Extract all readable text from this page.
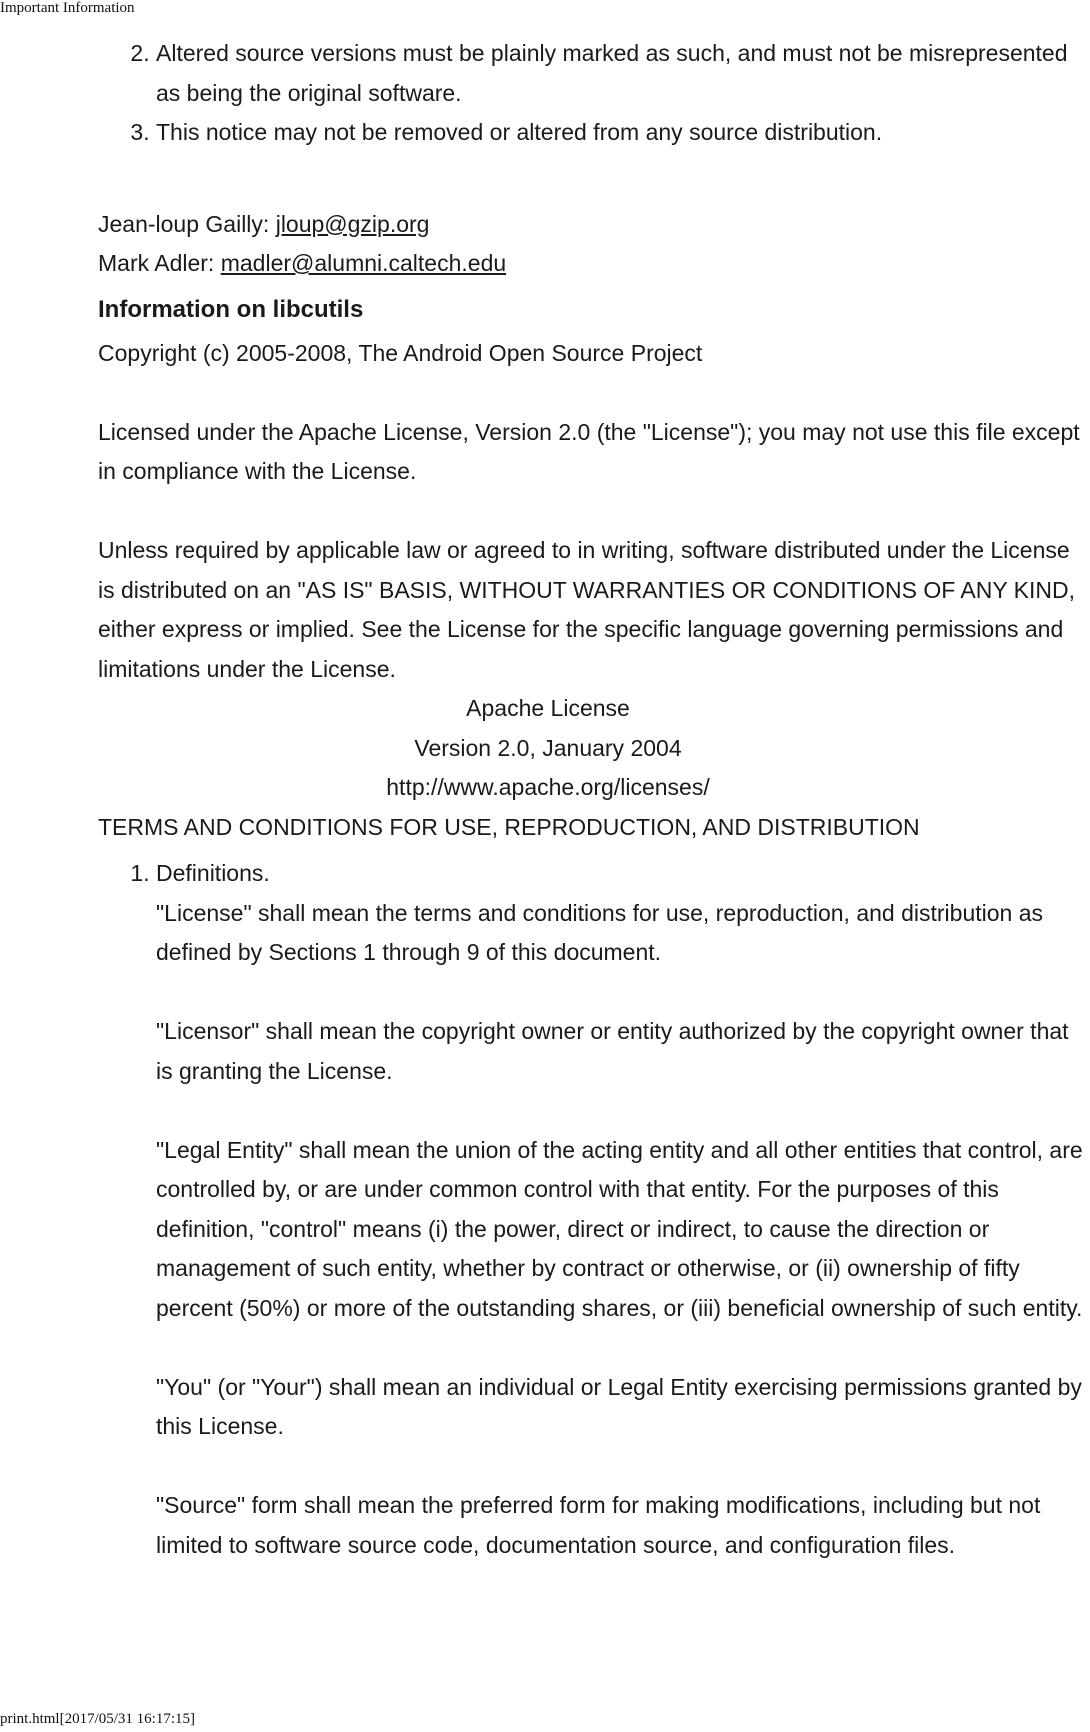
Important Information
2. Altered source versions must be plainly marked as such, and must not be misrepresented as being the original software.
3. This notice may not be removed or altered from any source distribution.
Jean-loup Gailly: jloup@gzip.org
Mark Adler: madler@alumni.caltech.edu
Information on libcutils
Copyright (c) 2005-2008, The Android Open Source Project
Licensed under the Apache License, Version 2.0 (the "License"); you may not use this file except in compliance with the License.
Unless required by applicable law or agreed to in writing, software distributed under the License is distributed on an "AS IS" BASIS, WITHOUT WARRANTIES OR CONDITIONS OF ANY KIND, either express or implied. See the License for the specific language governing permissions and limitations under the License.
Apache License
Version 2.0, January 2004
http://www.apache.org/licenses/
TERMS AND CONDITIONS FOR USE, REPRODUCTION, AND DISTRIBUTION
1. Definitions.
"License" shall mean the terms and conditions for use, reproduction, and distribution as defined by Sections 1 through 9 of this document.
"Licensor" shall mean the copyright owner or entity authorized by the copyright owner that is granting the License.
"Legal Entity" shall mean the union of the acting entity and all other entities that control, are controlled by, or are under common control with that entity. For the purposes of this definition, "control" means (i) the power, direct or indirect, to cause the direction or management of such entity, whether by contract or otherwise, or (ii) ownership of fifty percent (50%) or more of the outstanding shares, or (iii) beneficial ownership of such entity.
"You" (or "Your") shall mean an individual or Legal Entity exercising permissions granted by this License.
"Source" form shall mean the preferred form for making modifications, including but not limited to software source code, documentation source, and configuration files.
print.html[2017/05/31 16:17:15]
